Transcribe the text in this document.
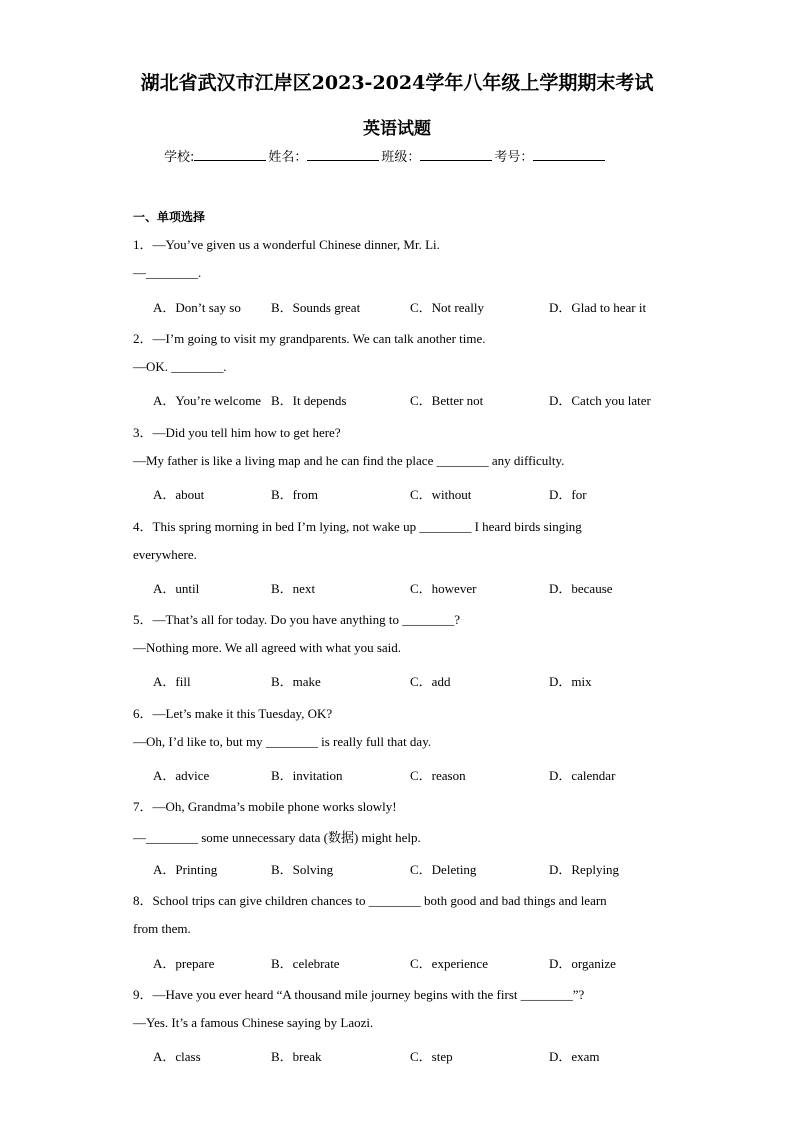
湖北省武汉市江岸区2023-2024学年八年级上学期期末考试
英语试题
学校:	姓名：	班级：	考号：
一、单项选择
1．—You’ve given us a wonderful Chinese dinner, Mr. Li.
—________.
A．Don’t say so B．Sounds great	C．Not really	D．Glad to hear it
2．—I’m going to visit my grandparents. We can talk another time.
—OK. ________.
A．You’re welcome B．It depends	C．Better not	D．Catch you later
3．—Did you tell him how to get here?
—My father is like a living map and he can find the place ________ any difficulty.
A．about	B．from	C．without	D．for
4．This spring morning in bed I’m lying, not wake up ________ I heard birds singing
everywhere.
A．until	B．next	C．however	D．because
5．—That’s all for today. Do you have anything to ________?
—Nothing more. We all agreed with what you said.
A．fill	B．make	C．add	D．mix
6．—Let’s make it this Tuesday, OK?
—Oh, I’d like to, but my ________ is really full that day.
A．advice	B．invitation	C．reason	D．calendar
7．—Oh, Grandma’s mobile phone works slowly!
—________ some unnecessary data (数据) might help.
A．Printing	B．Solving	C．Deleting	D．Replying
8．School trips can give children chances to ________ both good and bad things and learn
from them.
A．prepare	B．celebrate	C．experience	D．organize
9．—Have you ever heard “A thousand mile journey begins with the first ________”?
—Yes. It’s a famous Chinese saying by Laozi.
A．class	B．break	C．step	D．exam
